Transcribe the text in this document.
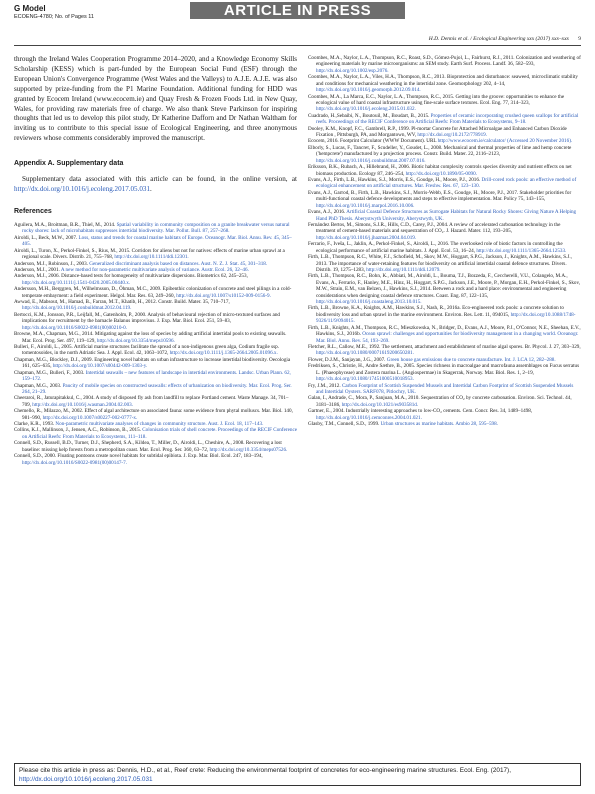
G Model
ECOENG-4780; No. of Pages 11	ARTICLE IN PRESS
H.D. Dennis et al. / Ecological Engineering xxx (2017) xxx–xxx 9

through the Ireland Wales Cooperation Programme 2014–2020, and a Knowledge Economy Skills Scholarship (KESS) which is part-funded by the European Social Fund (ESF) through the European Union's Convergence Programme (West Wales and the Valleys) to A.J.E. A.J.E. was also supported by prize-funding from the P1 Marine Foundation. Additional funding for HDD was granted by Ecocem Ireland (www.ecocem.ie) and Quay Fresh & Frozen Foods Ltd. in New Quay, Wales, for providing raw materials free of charge. We also thank Steve Parkinson for inspiring thoughts that led us to develop this pilot study, Dr Katherine Dafforn and Dr Nathan Waltham for inviting us to contribute to this special issue of Ecological Engineering, and three anonymous reviewers whose comments considerably improved the manuscript.

Appendix A. Supplementary data

Supplementary data associated with this article can be found, in the online version, at http://dx.doi.org/10.1016/j.ecoleng.2017.05.031.

References

Aguilera, M.A., Broitman, B.R., Thiel, M., 2014. Spatial variability in community composition on a granite breakwater versus natural rocky shores: lack of microhabitats suppresses intertidal biodiversity. Mar. Pollut. Bull. 87, 257–268.

Airoldi, L., Beck, M.W., 2007. Loss, status and trends for coastal marine habitats of Europe. Oceanogr. Mar. Biol. Annu. Rev. 45, 345–405.

Airoldi, L., Turon, X., Perkol-Finkel, S., Rius, M., 2015. Corridors for aliens but not for natives: effects of marine urban sprawl at a regional scale. Divers. Distrib. 21, 755–768, http://dx.doi.org/10.1111/ddi.12301.

Anderson, M.J., Robinson, J., 2003. Generalized discriminant analysis based on distances. Aust. N. Z. J. Stat. 45, 301–318.

Anderson, M.J., 2001. A new method for non-parametric multivariate analysis of variance. Austr. Ecol. 26, 32–46.

Anderson, M.J., 2006. Distance-based tests for homogeneity of multivariate dispersions. Biometrics 62, 245–253, http://dx.doi.org/10.1111/j.1541-0420.2005.00440.x.

Andersson, M.H., Berggren, M., Wilhelmsson, D., Öhman, M.C., 2009. Epibenthic colonization of concrete and steel pilings in a cold-temperate embayment: a field experiment. Helgol. Mar. Res. 63, 249–260, http://dx.doi.org/10.1007/s10152-009-0156-9.

Awwad, E., Mabsout, M., Hamad, B., Farran, M.T., Khatib, H., 2012. Constr. Build. Mater. 35, 710–717, http://dx.doi.org/10.1016/j.conbuildmat.2012.04.119.

Bertocci, K.M., Jonsson, P.R., Leijfall, M., Gatenholm, P., 2000. Analysis of behavioural rejection of micro-textured surfaces and implications for recruitment by the barnacle Balanus improvisus. J. Exp. Mar. Biol. Ecol. 251, 59–83, http://dx.doi.org/10.1016/S0022-0981(00)00210-0.

Browne, M.A., Chapman, M.G., 2014. Mitigating against the loss of species by adding artificial intertidal pools to existing seawalls. Mar. Ecol. Prog. Ser. 497, 119–129, http://dx.doi.org/10.3354/meps10596.

Bulleri, F., Airoldi, L., 2005. Artificial marine structures facilitate the spread of a non-indigenous green alga, Codium fragile ssp. tomentosoides, in the north Adriatic Sea. J. Appl. Ecol. 42, 1063–1072, http://dx.doi.org/10.1111/j.1365-2664.2005.01096.x.

Chapman, M.G., Blockley, D.J., 2009. Engineering novel habitats on urban infrastructure to increase intertidal biodiversity. Oecologia 161, 625–635, http://dx.doi.org/10.1007/s00442-009-1303-y.

Chapman, M.G., Bulleri, F., 2003. Intertidal seawalls – new features of landscape in intertidal environments. Landsc. Urban Plann. 62, 159–172.

Chapman, M.G., 2003. Paucity of mobile species on constructed seawalls: effects of urbanization on biodiversity. Mar. Ecol. Prog. Ser. 264, 21–29.

Cheeraroi, R., Jaturapitakkul, C., 2004. A study of disposed fly ash from landfill to replace Portland cement. Waste Manage. 34, 701–709, http://dx.doi.org/10.1016/j.wasman.2004.02.003.

Chemello, R., Milazzo, M., 2002. Effect of algal architecture on associated fauna: some evidence from phytal molluscs. Mar. Biol. 140, 981–990, http://dx.doi.org/10.1007/s00227-002-0777-x.

Clarke, K.R., 1993. Non-parametric multivariate analyses of changes in community structure. Aust. J. Ecol. 18, 117–143.

Collins, K.J., Mallinson, J., Jensen, A.C., Robinson, B., 2015. Colonisation trials of shell concrete. Proceedings of the RECIF Conference on Artificial Reefs: From Materials to Ecosystems, 111–118.

Connell, S.D., Russell, B.D., Turner, D.J., Shepherd, S.A., Kildea, T., Miller, D., Airoldi, L., Cheshire, A., 2008. Recovering a lost baseline: missing kelp forests from a metropolitan coast. Mar. Ecol. Prog. Ser. 360, 63–72, http://dx.doi.org/10.3354/meps07526.

Connell, S.D., 2000. Floating pontoons create novel habitats for subtidal epibiota. J. Exp. Mar. Biol. Ecol. 247, 183–194, http://dx.doi.org/10.1016/S0022-0981(00)00147-7.

Coombes, M.A., Naylor, L.A., Thompson, R.C., Roast, S.D., Gómez-Pujol, L., Fairhurst, R.J., 2011. Colonization and weathering of engineering materials by marine microorganisms: an SEM study. Earth Surf. Process. Landf. 36, 582–593, http://dx.doi.org/10.1002/esp.2076.

Coombes, M.A., Naylor, L.A., Viles, H.A., Thompson, R.C., 2013. Bioprotection and disturbance: seaweed, microclimatic stability and conditions for mechanical weathering in the intertidal zone. Geomorphology 202, 4–14, http://dx.doi.org/10.1016/j.geomorph.2012.09.014.

Coombes, M.A., La Marca, E.C., Naylor, L.A., Thompson, R.C., 2015. Getting into the groove: opportunities to enhance the ecological value of hard coastal infrastructure using fine-scale surface textures. Ecol. Eng. 77, 314–323, http://dx.doi.org/10.1016/j.ecoleng.2015.01.032.

Cuadrado, H.,Sebaibi, N., Boutouil, M., Boudart, B., 2015. Properties of ceramic incorporating crushed queen scallops for artificial reefs. Proceedings of the RECIF Conference on Artificial Reefs: From Materials to Ecosystems, 9–18.

Dooley, K.M., Knopf, F.C., Gambrell, R.P., 1999. Pl-mortar Concrete for Attached Microalgae and Enhanced Carbon Dioxide Fixation , Pittsburgh, PA, and Morgantown, WV, http://dx.doi.org/10.2172/778919.

Ecocem, 2016. Footprint Calculator (WWW Document). URL http://www.ecocem.ie/calculator/ (Accessed 20 November 2016).

Elborly, S., Lucas, F., Tancret, F., Scudeller, Y., Goudet, L., 2008. Mechanical and thermal properties of lime and hemp concrete ('hempcrete') manufactured by a projection process. Constr. Build. Mater. 22, 2116–2123, http://dx.doi.org/10.1016/j.conbuildmat.2007.07.016.

Eriksson, B.K., Rubach, A., Hillebrand, H., 2006. Biotic habitat complexity controls species diversity and nutrient effects on net biomass production. Ecology 87, 246–254, http://dx.doi.org/10.1890/05-0090.

Evans, A.J., Firth, L.B., Hawkins, S.J., Morris, E.S., Goudge, H., Moore, P.J., 2016. Drill-cored rock pools: an effective method of ecological enhancement on artificial structures. Mar. Freshw. Res. 67, 123–130.

Evans, A.J., Garrod, B., Firth, L.B., Hawkins, S.J., Morris-Webb, E.S., Goudge, H., Moore, P.J., 2017. Stakeholder priorities for multi-functional coastal defence developments and steps to effective implementation. Mar. Policy 75, 143–155, http://dx.doi.org/10.1016/j.marpol.2016.10.006.

Evans, A.J., 2016. Artificial Coastal Defence Structures as Surrogate Habitats for Natural Rocky Shores: Giving Nature A Helping Hand PhD Thesis. Aberystwyth University, Aberystwyth, UK.

Fernández Bertos, M., Simons, S.J.R., Hills, C.D., Carey, P.J., 2004. A review of accelerated carbonation technology in the treatment of cement-based materials and sequestration of CO₂. J. Hazard. Mater. 112, 193–205, http://dx.doi.org/10.1016/j.jhazmat.2004.04.019.

Ferrario, F., Iveša, L., Jaklin, A., Perkol-Finkel, S., Airoldi, L., 2016. The overlooked role of biotic factors in controlling the ecological performance of artificial marine habitats. J. Appl. Ecol. 53, 16–24, http://dx.doi.org/10.1111/1365-2664.12533.

Firth, L.B., Thompson, R.C., White, F.J., Schofield, M., Skov, M.W., Hoggart, S.P.G., Jackson, J., Knights, A.M., Hawkins, S.J., 2013. The importance of water-retaining features for biodiversity on artificial intertidal coastal defence structures. Divers. Distrib. 19, 1275–1283, http://dx.doi.org/10.1111/ddi.12079.

Firth, L.B., Thompson, R.C., Bohn, K., Abbiati, M., Airoldi, L., Bouma, T.J., Bozzeda, F., Ceccherelli, V.U., Colangelo, M.A., Evans, A., Ferrario, F., Hanley, M.E., Hinz, H., Hoggart, S.P.G., Jackson, J.E., Moore, P., Morgan, E.H., Perkol-Finkel, S., Skov, M.W., Strain, E.M., van Belzen, J., Hawkins, S.J., 2014. Between a rock and a hard place: environmental and engineering considerations when designing coastal defence structures. Coast. Eng. 87, 122–135, http://dx.doi.org/10.1016/j.coastaleng.2013.10.015.

Firth, L.B., Browne, K.A., Knights, A.M., Hawkins, S.J., Nash, R., 2016a. Eco-engineered rock pools: a concrete solution to biodiversity loss and urban sprawl in the marine environment. Environ. Res. Lett. 11, 094015, http://dx.doi.org/10.1088/1748-9326/11/9/094015.

Firth, L.B., Knights, A.M., Thompson, R.C., Mieszkowska, N., Bridger, D., Evans, A.J., Moore, P.J., O'Connor, N.E., Sheehan, E.V., Hawkins, S.J., 2016b. Ocean sprawl: challenges and opportunities for biodiversity management in a changing world. Oceanogr. Mar. Biol. Annu. Rev. 54, 193–269.

Fletcher, R.L., Callow, M.E., 1992. The settlement, attachment and establishment of marine algal spores. Br. Phycol. J. 27, 303–329, http://dx.doi.org/10.1080/00071619200650281.

Flower, D.J.M., Sanjayan, J.G., 2007. Green house gas emissions due to concrete manufacture. Int. J. LCA 12, 282–288.

Fredriksen, S., Christie, H., Andre Sæthre, B., 2005. Species richness in macroalgae and macrofauna assemblages on Fucus serratus L. (Phaeophyceae) and Zostera marina L. (Angiospermae) in Skagerrak, Norway. Mar. Biol. Res. 1, 2–19, http://dx.doi.org/10.1080/17451000510018953.

Fry, J.M., 2012. Carbon Footprint of Scottish Suspended Mussels and Intertidal Carbon Footprint of Scottish Suspended Mussels and Intertidal Oysters. SARF078, Pitlochry, UK.

Galan, I., Andrade, C., Mora, P., Sanjuan, M.A., 2010. Sequestration of CO₂ by concrete carbonation. Environ. Sci. Technol. 44, 3181–3186, http://dx.doi.org/10.1021/es903581d.

Gartner, E., 2004. Industrially interesting approaches to low-CO₂ cements. Cem. Concr. Res. 34, 1489–1498, http://dx.doi.org/10.1016/j.cemconres.2004.01.021.

Glasby, T.M., Connell, S.D., 1999. Urban structures as marine habitats. Ambio 28, 595–598.

Please cite this article in press as: Dennis, H.D., et al., Reef crete: Reducing the environmental footprint of concretes for eco-engineering marine structures. Ecol. Eng. (2017), http://dx.doi.org/10.1016/j.ecoleng.2017.05.031
